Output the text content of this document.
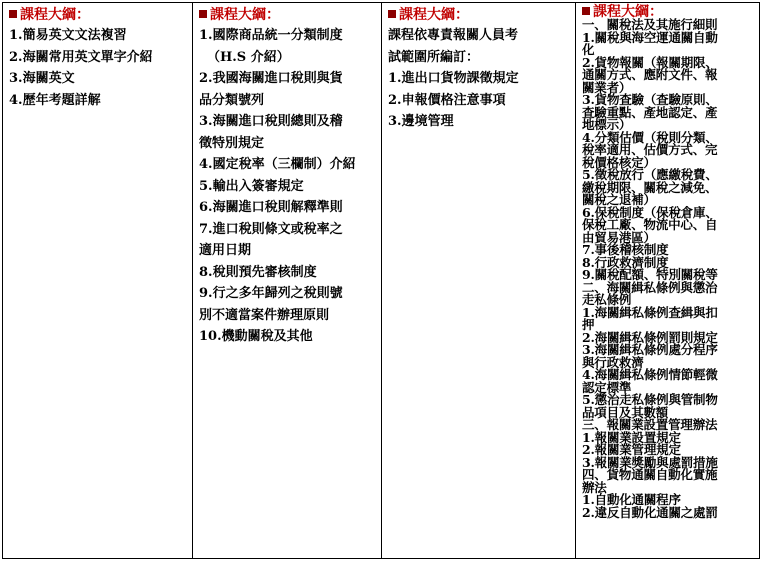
課程大綱：
1.簡易英文文法複習
2.海關常用英文單字介紹
3.海關英文
4.歷年考題詳解

課程大綱：
1.國際商品統一分類制度
（H.S 介紹）
2.我國海關進口稅則與貨
品分類號列
3.海關進口稅則總則及稽
徵特別規定
4.國定稅率（三欄制）介紹
5.輸出入簽審規定
6.海關進口稅則解釋準則
7.進口稅則條文或稅率之
適用日期
8.稅則預先審核制度
9.行之多年歸列之稅則號
別不適當案件辦理原則
10.機動關稅及其他

課程大綱：
課程依專責報關人員考
試範圍所編訂：
1.進出口貨物課徵規定
2.申報價格注意事項
3.邊境管理

課程大綱：
一、關稅法及其施行細則
1.關稅與海空運通關自動
化
2.貨物報關（報關期限、
通關方式、應附文件、報
關業者）
3.貨物查驗（查驗原則、
查驗重點、產地認定、產
地標示）
4.分類估價（稅則分類、
稅率適用、估價方式、完
稅價格核定）
5.徵稅放行（應繳稅費、
繳稅期限、關稅之減免、
關稅之退補）
6.保稅制度（保稅倉庫、
保稅工廠、物流中心、自
由貿易港區）
7.事後稽核制度
8.行政救濟制度
9.關稅配額、特別關稅等
二、海關緝私條例與懲治
走私條例
1.海關緝私條例查緝與扣
押
2.海關緝私條例罰則規定
3.海關緝私條例處分程序
與行政救濟
4.海關緝私條例情節輕微
認定標準
5.懲治走私條例與管制物
品項目及其數額
三、報關業設置管理辦法
1.報關業設置規定
2.報關業管理規定
3.報關業獎勵與處罰措施
四、貨物通關自動化實施
辦法
1.自動化通關程序
2.違反自動化通關之處罰
